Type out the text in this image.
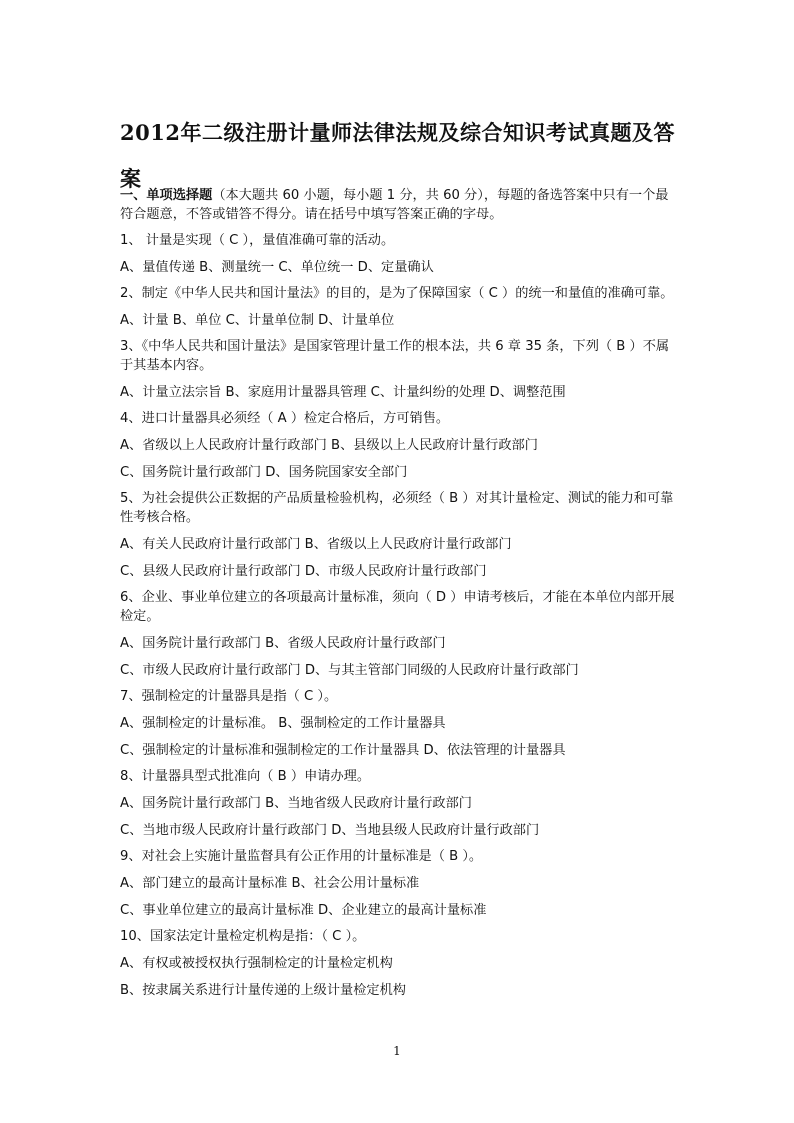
2012年二级注册计量师法律法规及综合知识考试真题及答案

一、单项选择题（本大题共 60 小题，每小题 1 分，共 60 分），每题的备选答案中只有一个最符合题意，不答或错答不得分。请在括号中填写答案正确的字母。

1、 计量是实现（ C ），量值准确可靠的活动。

A、量值传递 B、测量统一 C、单位统一 D、定量确认

2、制定《中华人民共和国计量法》的目的，是为了保障国家（ C ）的统一和量值的准确可靠。

A、计量 B、单位 C、计量单位制 D、计量单位

3、《中华人民共和国计量法》是国家管理计量工作的根本法，共 6 章 35 条，下列（ B ）不属于其基本内容。

A、计量立法宗旨 B、家庭用计量器具管理 C、计量纠纷的处理 D、调整范围

4、进口计量器具必须经（ A ）检定合格后，方可销售。

A、省级以上人民政府计量行政部门 B、县级以上人民政府计量行政部门

C、国务院计量行政部门 D、国务院国家安全部门

5、为社会提供公正数据的产品质量检验机构，必须经（ B ）对其计量检定、测试的能力和可靠性考核合格。

A、有关人民政府计量行政部门 B、省级以上人民政府计量行政部门

C、县级人民政府计量行政部门 D、市级人民政府计量行政部门

6、企业、事业单位建立的各项最高计量标准，须向（ D ）申请考核后，才能在本单位内部开展检定。

A、国务院计量行政部门 B、省级人民政府计量行政部门

C、市级人民政府计量行政部门 D、与其主管部门同级的人民政府计量行政部门

7、强制检定的计量器具是指（ C ）。

A、强制检定的计量标准。 B、强制检定的工作计量器具

C、强制检定的计量标准和强制检定的工作计量器具 D、依法管理的计量器具

8、计量器具型式批准向（ B ）申请办理。

A、国务院计量行政部门 B、当地省级人民政府计量行政部门

C、当地市级人民政府计量行政部门 D、当地县级人民政府计量行政部门

9、对社会上实施计量监督具有公正作用的计量标准是（ B ）。

A、部门建立的最高计量标准 B、社会公用计量标准

C、事业单位建立的最高计量标准 D、企业建立的最高计量标准

10、国家法定计量检定机构是指：（ C ）。

A、有权或被授权执行强制检定的计量检定机构

B、按隶属关系进行计量传递的上级计量检定机构

1
